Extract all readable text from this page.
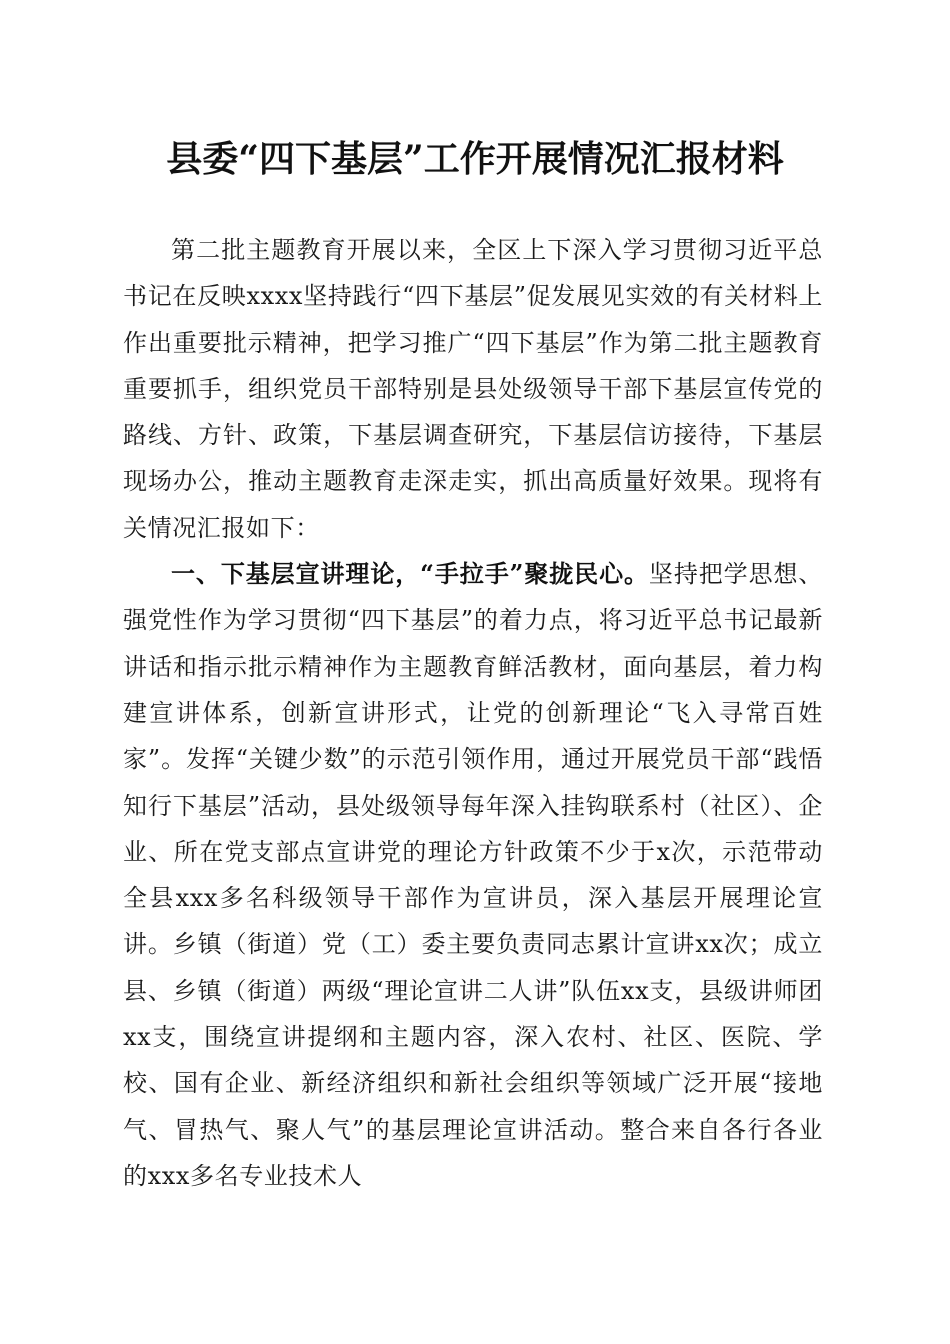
县委“四下基层”工作开展情况汇报材料

第二批主题教育开展以来，全区上下深入学习贯彻习近平总书记在反映xxxx坚持践行“四下基层”促发展见实效的有关材料上作出重要批示精神，把学习推广“四下基层”作为第二批主题教育重要抓手，组织党员干部特别是县处级领导干部下基层宣传党的路线、方针、政策，下基层调查研究，下基层信访接待，下基层现场办公，推动主题教育走深走实，抓出高质量好效果。现将有关情况汇报如下：

一、下基层宣讲理论，“手拉手”聚拢民心。坚持把学思想、强党性作为学习贯彻“四下基层”的着力点，将习近平总书记最新讲话和指示批示精神作为主题教育鲜活教材，面向基层，着力构建宣讲体系，创新宣讲形式，让党的创新理论“飞入寻常百姓家”。发挥“关键少数”的示范引领作用，通过开展党员干部“践悟知行下基层”活动，县处级领导每年深入挂钩联系村（社区）、企业、所在党支部点宣讲党的理论方针政策不少于x次，示范带动全县xxx多名科级领导干部作为宣讲员，深入基层开展理论宣讲。乡镇（街道）党（工）委主要负责同志累计宣讲xx次；成立县、乡镇（街道）两级“理论宣讲二人讲”队伍xx支，县级讲师团xx支，围绕宣讲提纲和主题内容，深入农村、社区、医院、学校、国有企业、新经济组织和新社会组织等领域广泛开展“接地气、冒热气、聚人气”的基层理论宣讲活动。整合来自各行各业的xxx多名专业技术人
